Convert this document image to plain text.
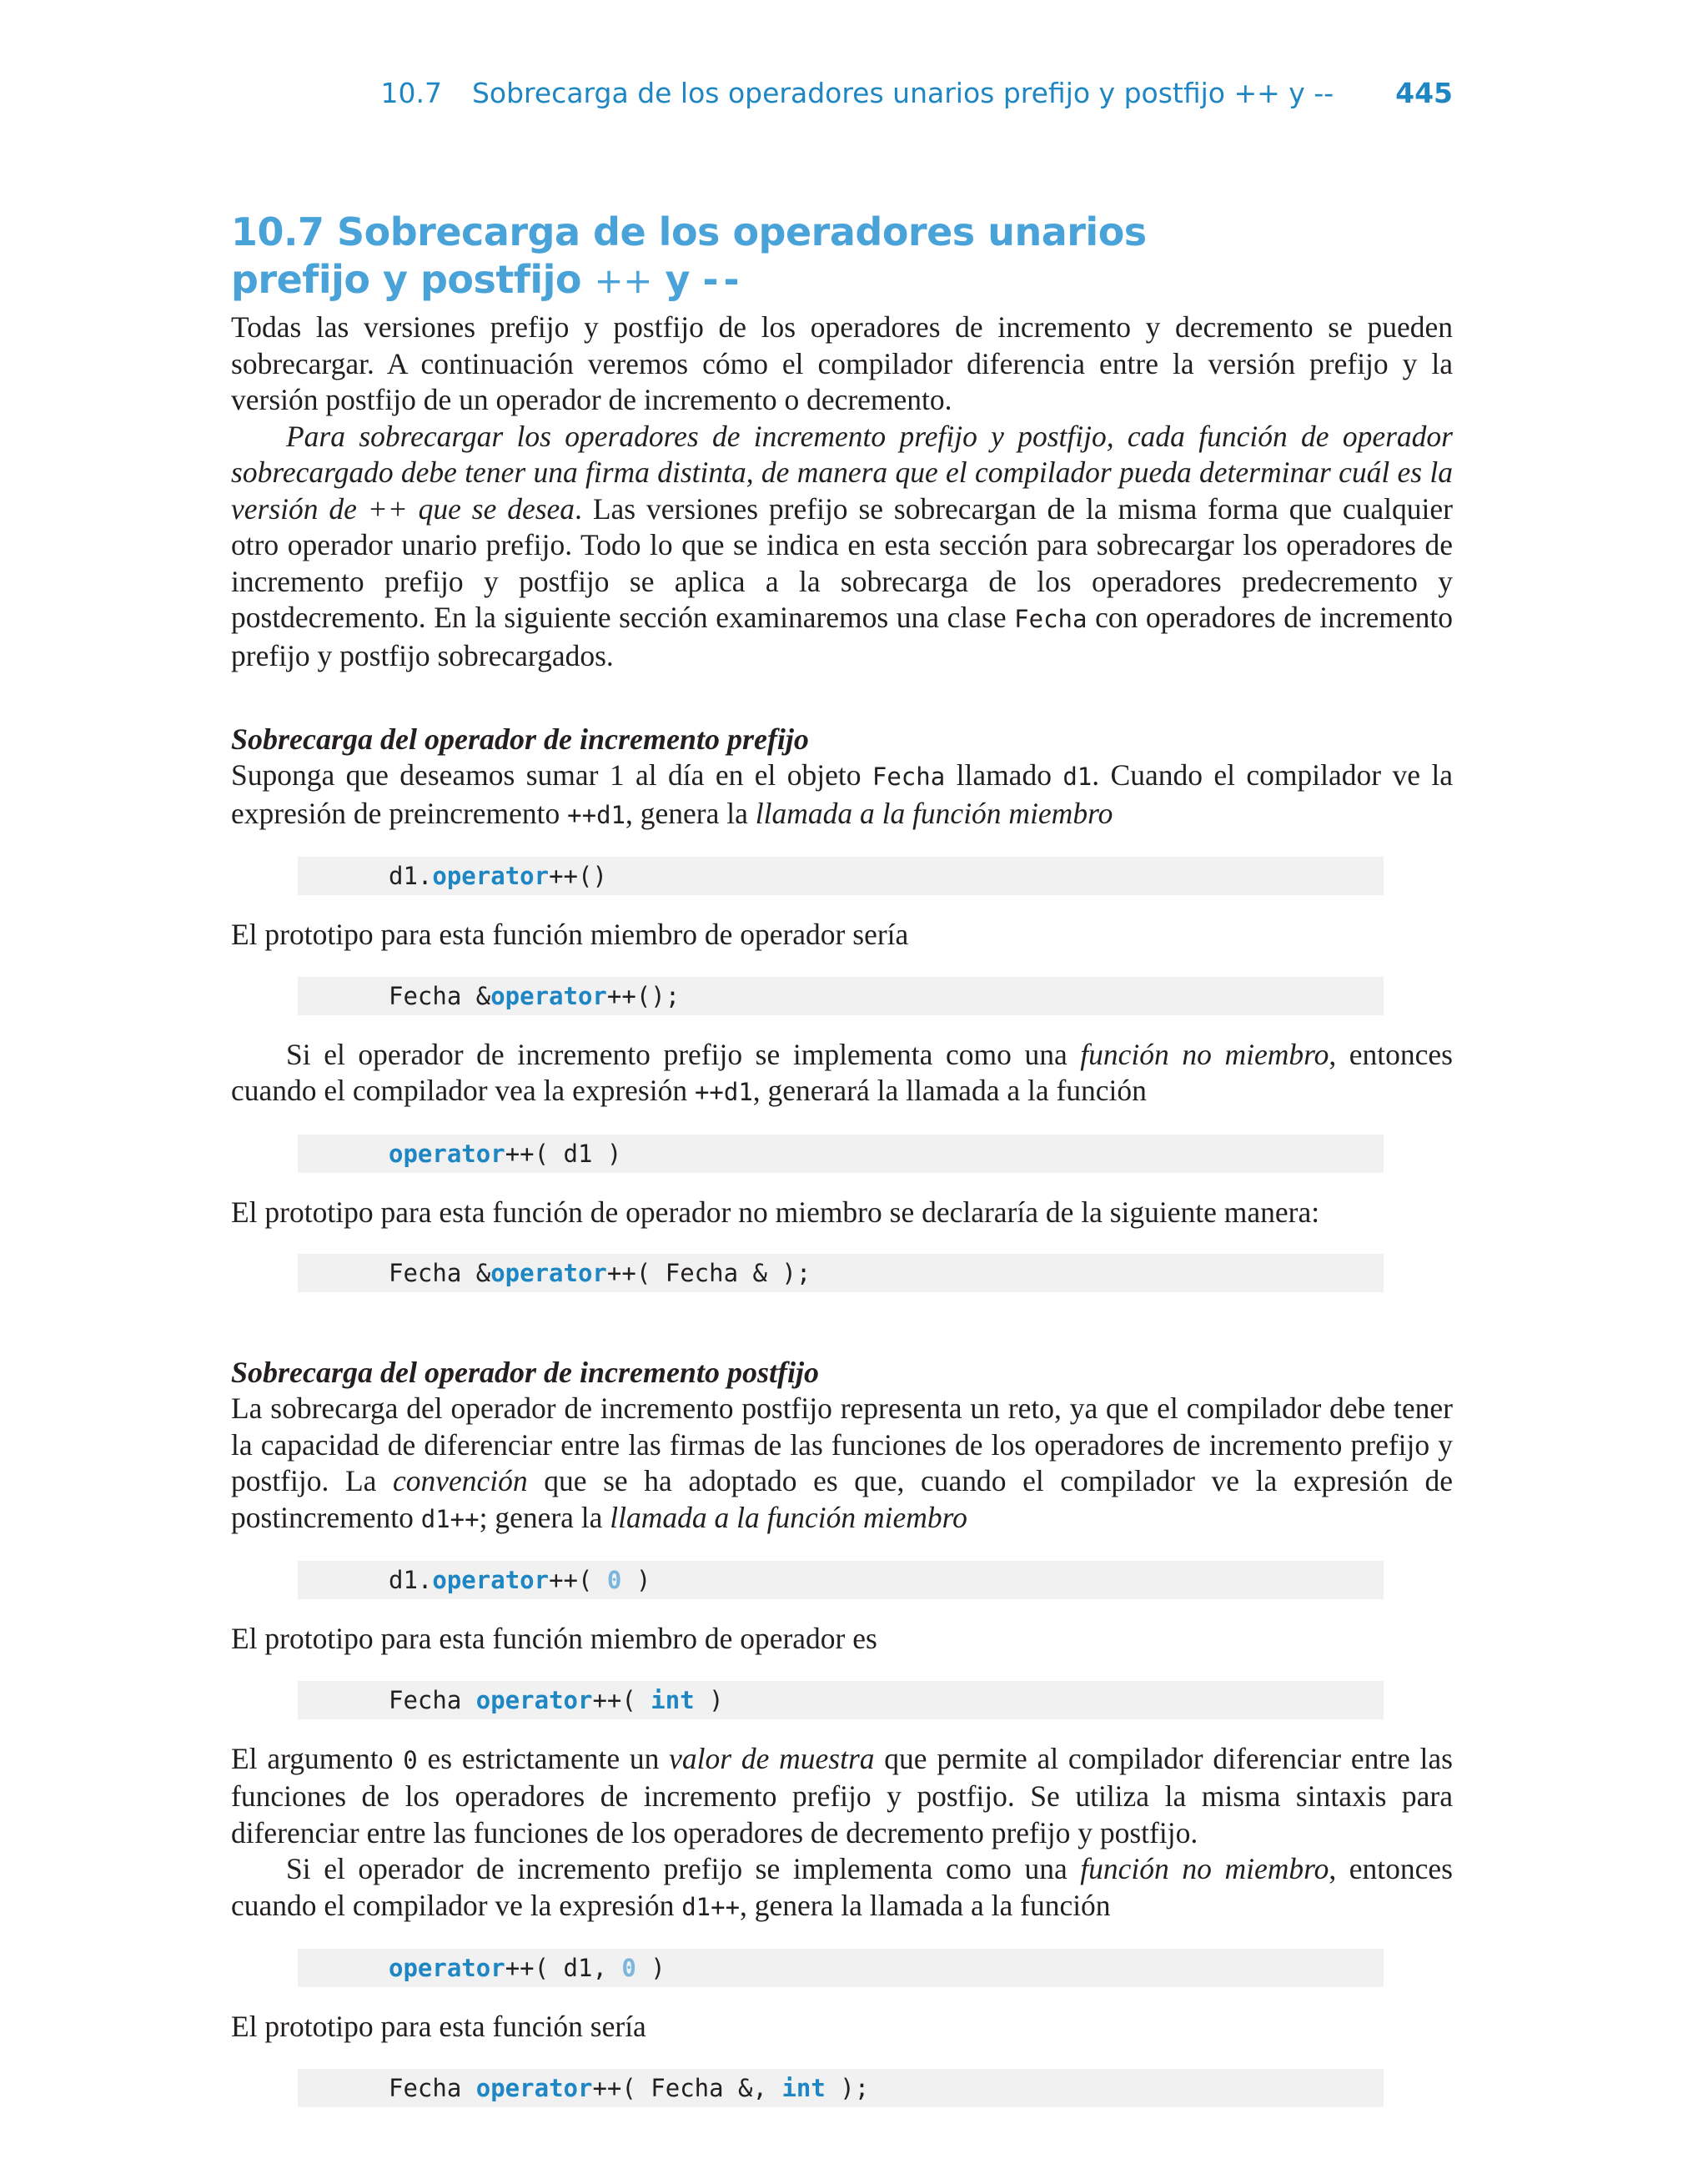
10.7 Sobrecarga de los operadores unarios prefijo y postfijo ++ y -- 445
10.7 Sobrecarga de los operadores unarios
prefijo y postfijo ++ y --

Todas las versiones prefijo y postfijo de los operadores de incremento y decremento se pueden sobrecargar. A continuación veremos cómo el compilador diferencia entre la versión prefijo y la versión postfijo de un operador de incremento o decremento.

Para sobrecargar los operadores de incremento prefijo y postfijo, cada función de operador sobrecargado debe tener una firma distinta, de manera que el compilador pueda determinar cuál es la versión de ++ que se desea. Las versiones prefijo se sobrecargan de la misma forma que cualquier otro operador unario prefijo. Todo lo que se indica en esta sección para sobrecargar los operadores de incremento prefijo y postfijo se aplica a la sobrecarga de los operadores predecremento y postdecremento. En la siguiente sección examinaremos una clase Fecha con operadores de incremento prefijo y postfijo sobrecargados.

Sobrecarga del operador de incremento prefijo

Suponga que deseamos sumar 1 al día en el objeto Fecha llamado d1. Cuando el compilador ve la expresión de preincremento ++d1, genera la llamada a la función miembro

d1.operator++()

El prototipo para esta función miembro de operador sería

Fecha &operator++();

Si el operador de incremento prefijo se implementa como una función no miembro, entonces cuando el compilador vea la expresión ++d1, generará la llamada a la función

operator++( d1 )

El prototipo para esta función de operador no miembro se declararía de la siguiente manera:

Fecha &operator++( Fecha & );
Sobrecarga del operador de incremento postfijo

La sobrecarga del operador de incremento postfijo representa un reto, ya que el compilador debe tener la capacidad de diferenciar entre las firmas de las funciones de los operadores de incremento prefijo y postfijo. La convención que se ha adoptado es que, cuando el compilador ve la expresión de postincremento d1++; genera la llamada a la función miembro

d1.operator++( 0 )

El prototipo para esta función miembro de operador es

Fecha operator++( int )

El argumento 0 es estrictamente un valor de muestra que permite al compilador diferenciar entre las funciones de los operadores de incremento prefijo y postfijo. Se utiliza la misma sintaxis para diferenciar entre las funciones de los operadores de decremento prefijo y postfijo.

Si el operador de incremento prefijo se implementa como una función no miembro, entonces cuando el compilador ve la expresión d1++, genera la llamada a la función

operator++( d1, 0 )

El prototipo para esta función sería

Fecha operator++( Fecha &, int );
